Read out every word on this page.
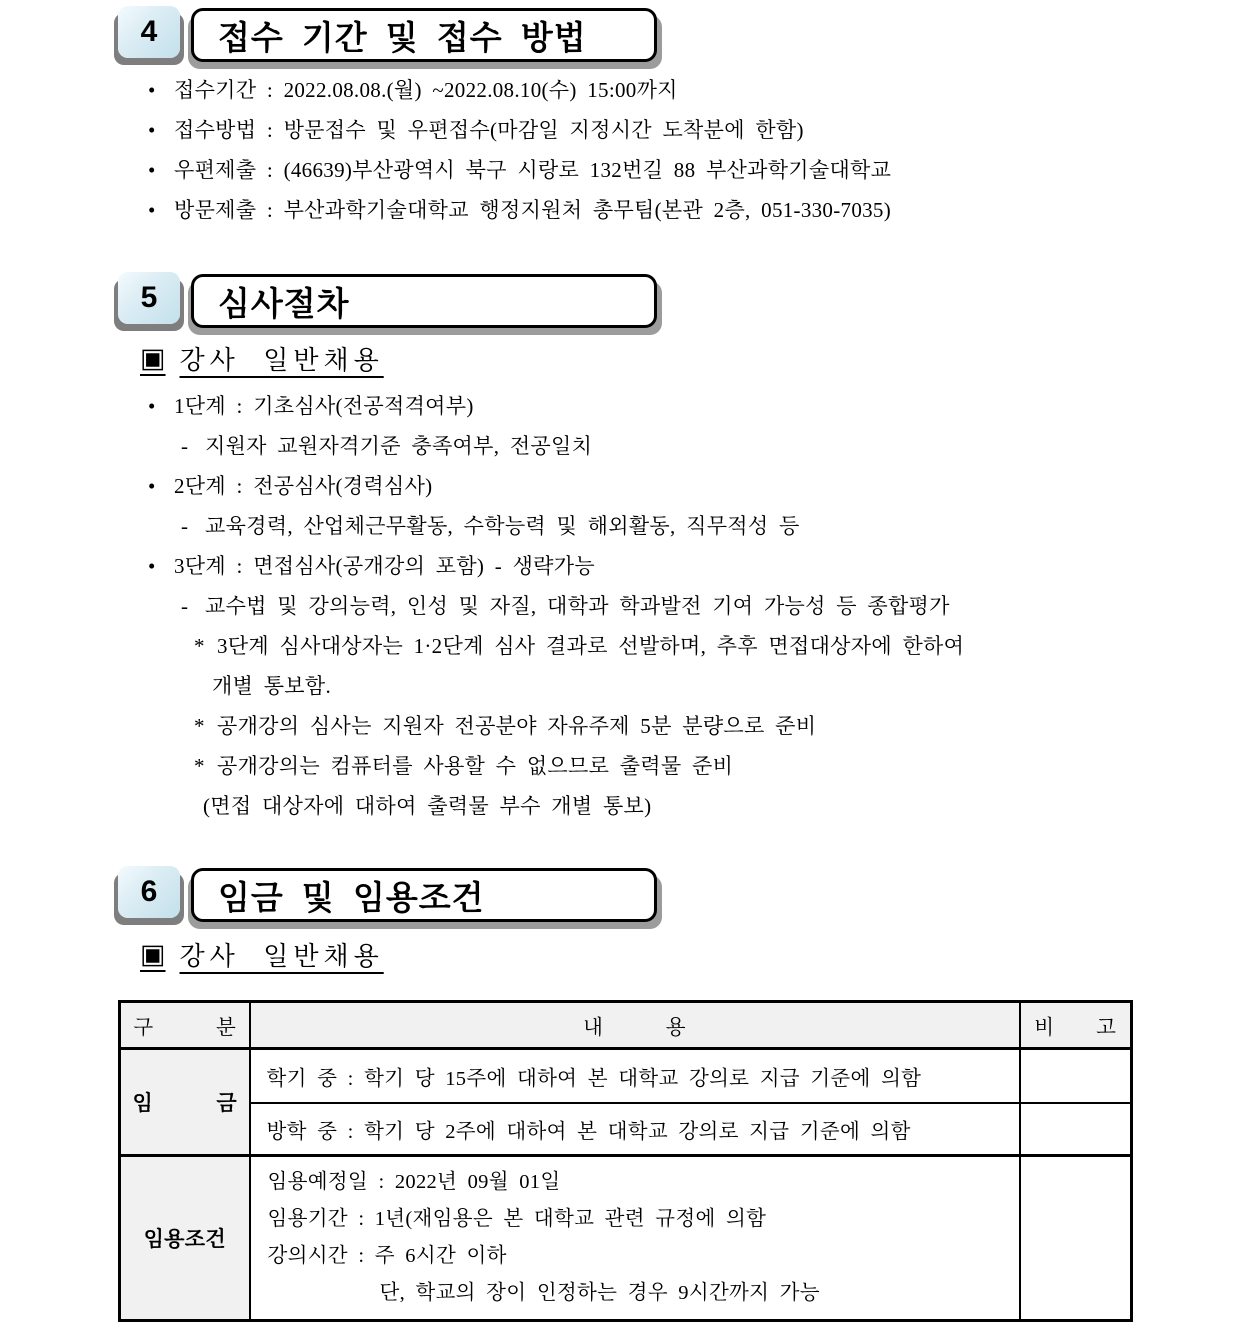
4 접수 기간 및 접수 방법
• 접수기간 : 2022.08.08.(월) ~2022.08.10(수) 15:00까지
• 접수방법 : 방문접수 및 우편접수(마감일 지정시간 도착분에 한함)
• 우편제출 : (46639)부산광역시 북구 시랑로 132번길 88 부산과학기술대학교
• 방문제출 : 부산과학기술대학교 행정지원처 총무팀(본관 2층, 051-330-7035)
5 심사절차
▣ 강사 일반채용
• 1단계 : 기초심사(전공적격여부)
- 지원자 교원자격기준 충족여부, 전공일치
• 2단계 : 전공심사(경력심사)
- 교육경력, 산업체근무활동, 수학능력 및 해외활동, 직무적성 등
• 3단계 : 면접심사(공개강의 포함) - 생략가능
- 교수법 및 강의능력, 인성 및 자질, 대학과 학과발전 기여 가능성 등 종합평가
* 3단계 심사대상자는 1·2단계 심사 결과로 선발하며, 추후 면접대상자에 한하여
개별 통보함.
* 공개강의 심사는 지원자 전공분야 자유주제 5분 분량으로 준비
* 공개강의는 컴퓨터를 사용할 수 없으므로 출력물 준비
(면접 대상자에 대하여 출력물 부수 개별 통보)
6 임금 및 임용조건
▣ 강사 일반채용
구      분	내      용	비    고
임      금	학기 중 : 학기 당 15주에 대하여 본 대학교 강의로 지급 기준에 의함	
	방학 중 : 학기 당 2주에 대하여 본 대학교 강의로 지급 기준에 의함	
임용조건	임용예정일 : 2022년 09월 01일
임용기간 : 1년(재임용은 본 대학교 관련 규정에 의함
강의시간 : 주 6시간 이하
단, 학교의 장이 인정하는 경우 9시간까지 가능	
